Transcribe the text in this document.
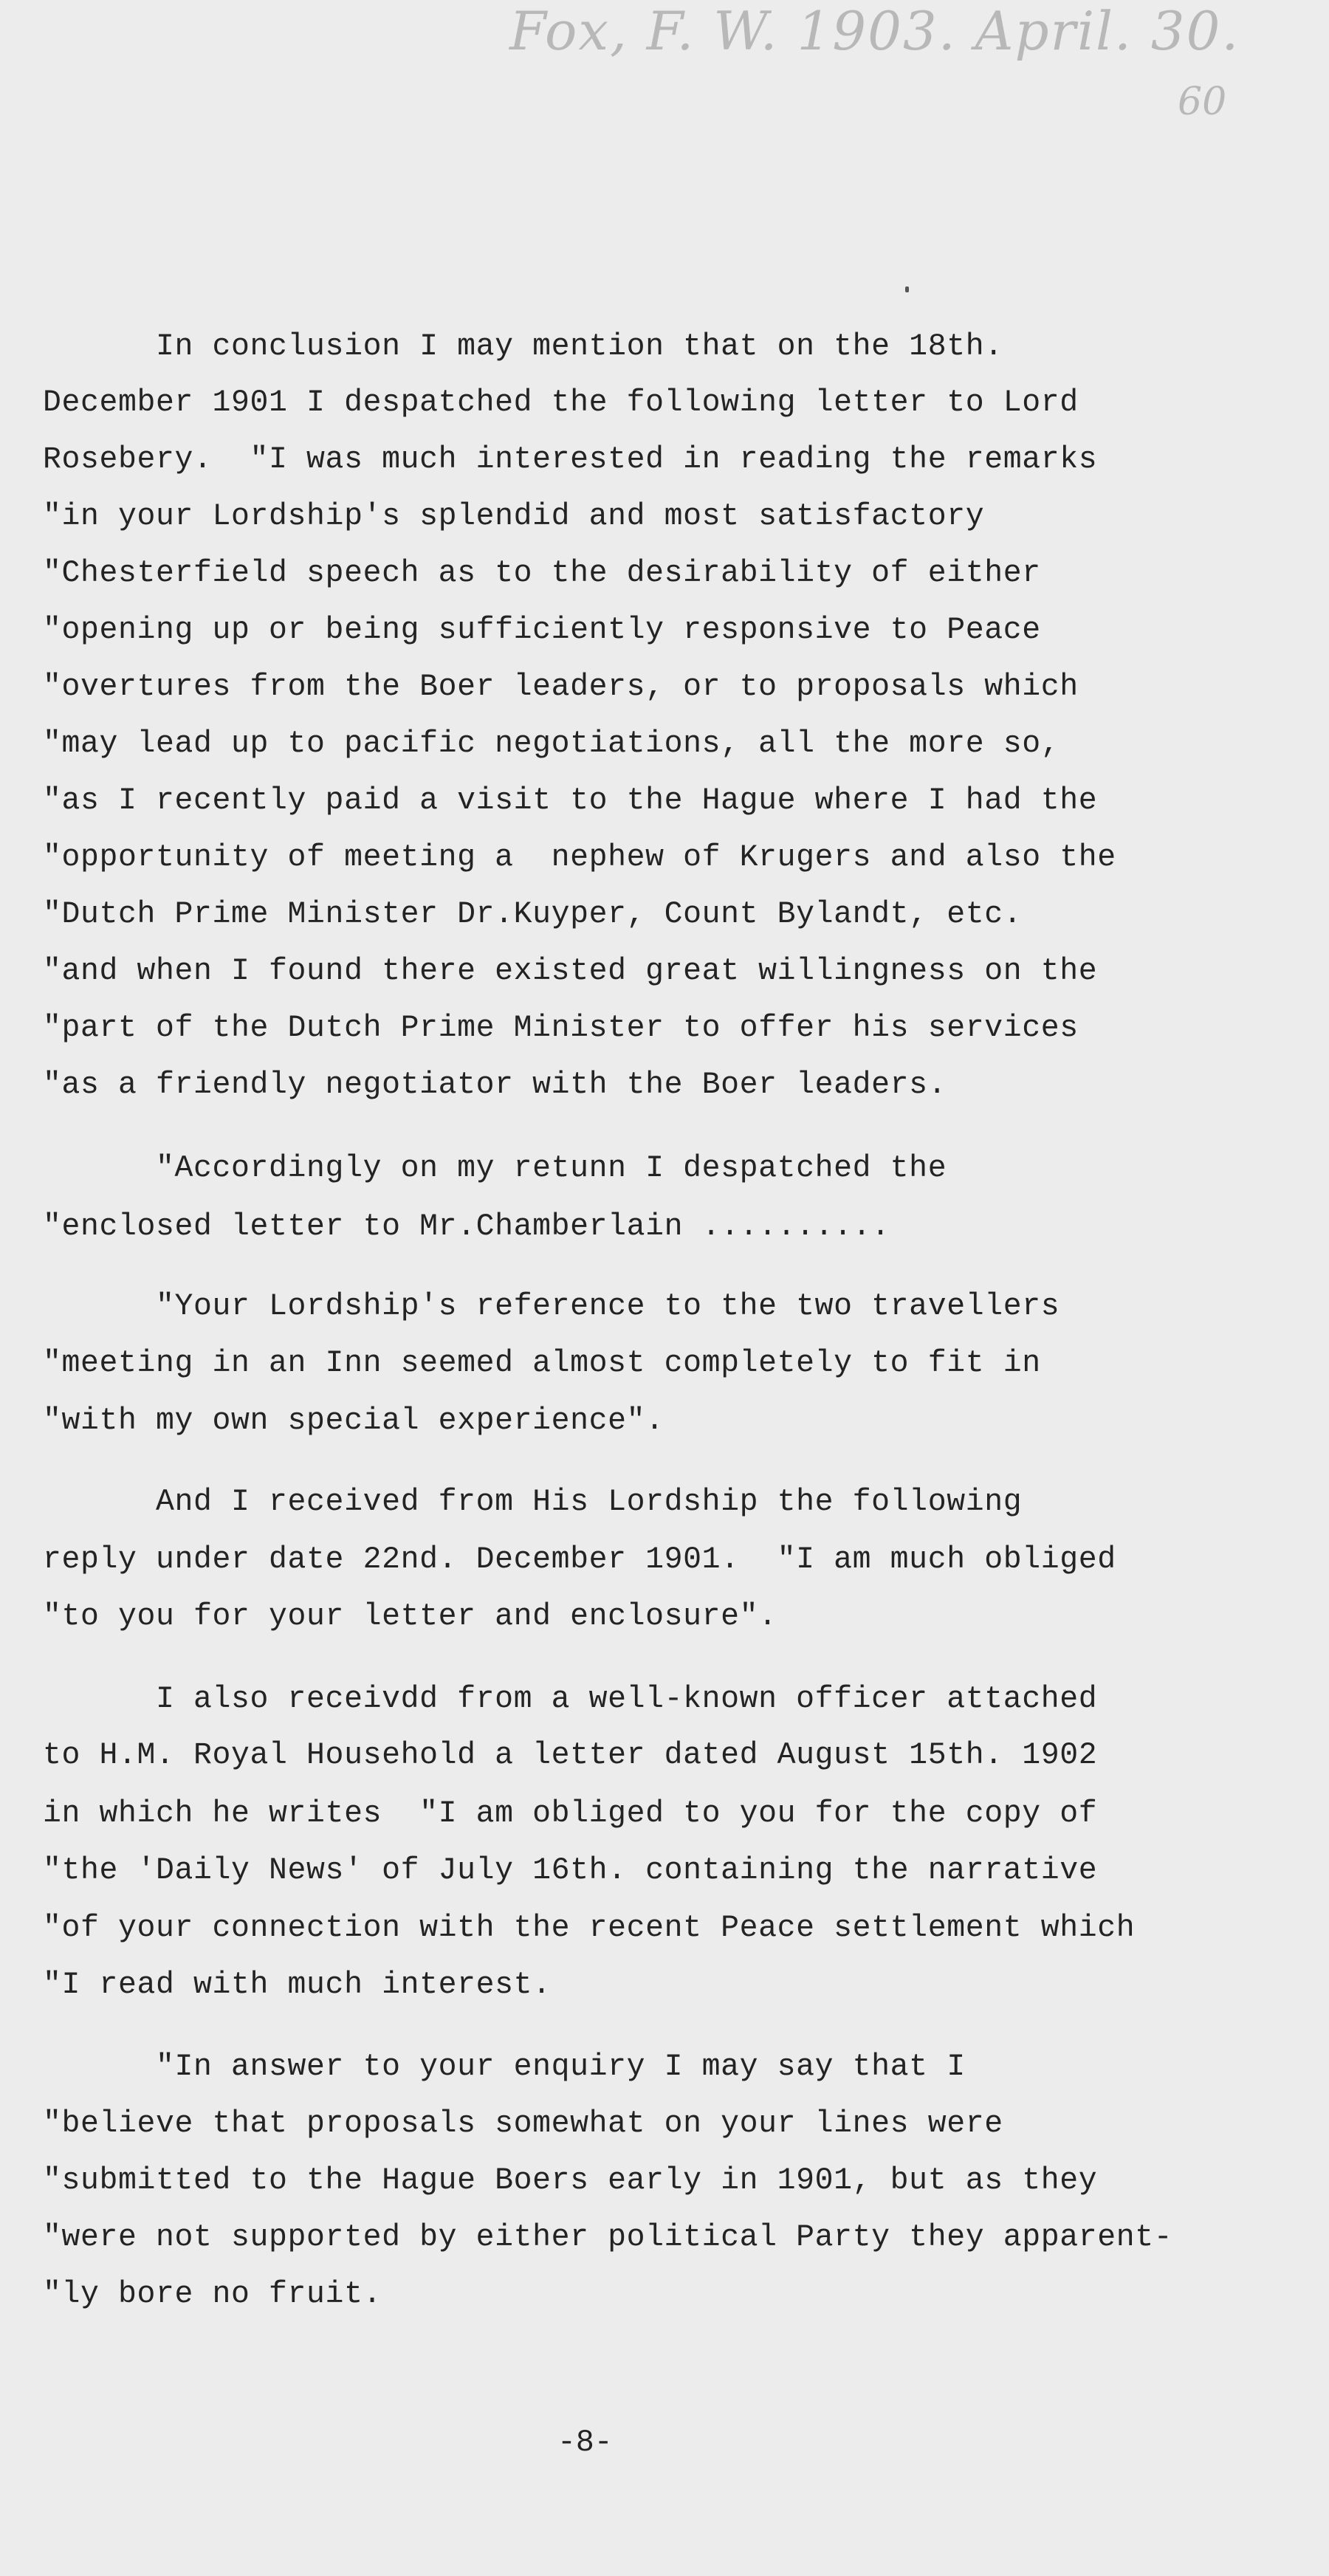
Fox, F. W. 1903. April. 30.
60
In conclusion I may mention that on the 18th.
December 1901 I despatched the following letter to Lord
Rosebery.  "I was much interested in reading the remarks
"in your Lordship's splendid and most satisfactory
"Chesterfield speech as to the desirability of either
"opening up or being sufficiently responsive to Peace
"overtures from the Boer leaders, or to proposals which
"may lead up to pacific negotiations, all the more so,
"as I recently paid a visit to the Hague where I had the
"opportunity of meeting a  nephew of Krugers and also the
"Dutch Prime Minister Dr.Kuyper, Count Bylandt, etc.
"and when I found there existed great willingness on the
"part of the Dutch Prime Minister to offer his services
"as a friendly negotiator with the Boer leaders.
"Accordingly on my retunn I despatched the
"enclosed letter to Mr.Chamberlain ..........
"Your Lordship's reference to the two travellers
"meeting in an Inn seemed almost completely to fit in
"with my own special experience".
And I received from His Lordship the following
reply under date 22nd. December 1901.  "I am much obliged
"to you for your letter and enclosure".
I also receivdd from a well-known officer attached
to H.M. Royal Household a letter dated August 15th. 1902
in which he writes  "I am obliged to you for the copy of
"the 'Daily News' of July 16th. containing the narrative
"of your connection with the recent Peace settlement which
"I read with much interest.
"In answer to your enquiry I may say that I
"believe that proposals somewhat on your lines were
"submitted to the Hague Boers early in 1901, but as they
"were not supported by either political Party they apparent-
"ly bore no fruit.
-8-
